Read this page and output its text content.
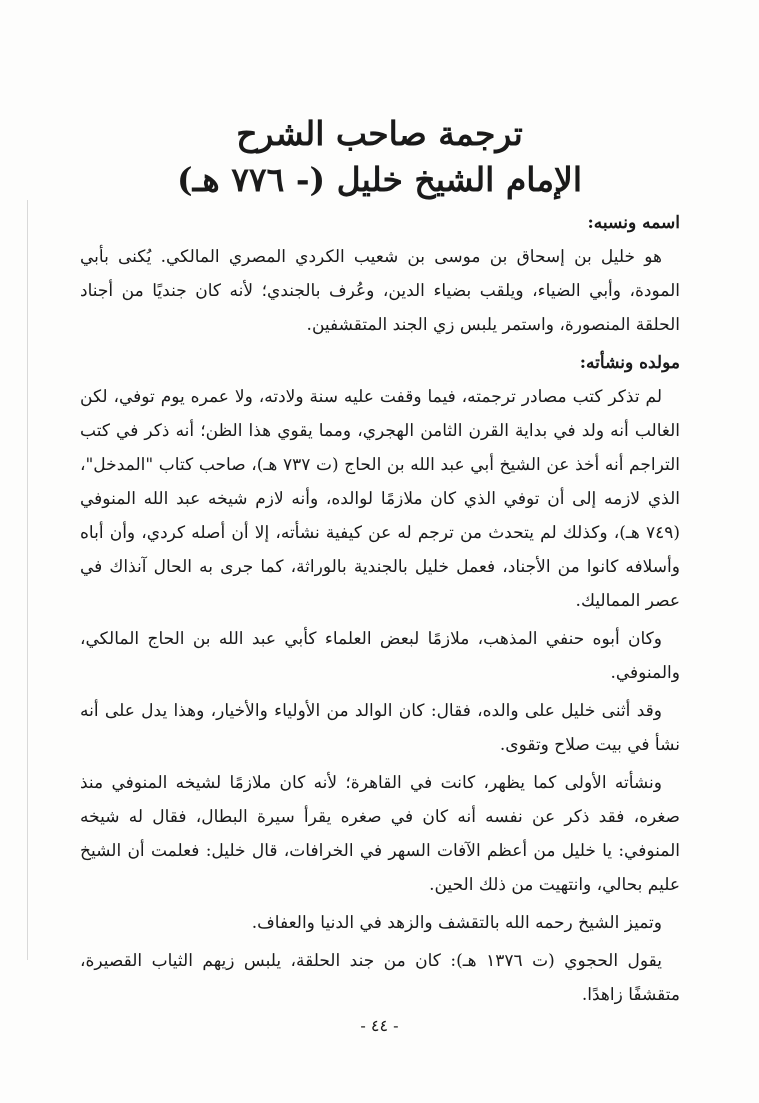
ترجمة صاحب الشرح

الإمام الشيخ خليل (- ٧٧٦ هـ)

اسمه ونسبه:

هو خليل بن إسحاق بن موسى بن شعيب الكردي المصري المالكي. يُكنى بأبي المودة، وأبي الضياء، ويلقب بضياء الدين، وعُرف بالجندي؛ لأنه كان جنديًا من أجناد الحلقة المنصورة، واستمر يلبس زي الجند المتقشفين.

مولده ونشأته:

لم تذكر كتب مصادر ترجمته، فيما وقفت عليه سنة ولادته، ولا عمره يوم توفي، لكن الغالب أنه ولد في بداية القرن الثامن الهجري، ومما يقوي هذا الظن؛ أنه ذكر في كتب التراجم أنه أخذ عن الشيخ أبي عبد الله بن الحاج (ت ٧٣٧ هـ)، صاحب كتاب "المدخل"، الذي لازمه إلى أن توفي الذي كان ملازمًا لوالده، وأنه لازم شيخه عبد الله المنوفي (٧٤٩ هـ)، وكذلك لم يتحدث من ترجم له عن كيفية نشأته، إلا أن أصله كردي، وأن أباه وأسلافه كانوا من الأجناد، فعمل خليل بالجندية بالوراثة، كما جرى به الحال آنذاك في عصر المماليك.

وكان أبوه حنفي المذهب، ملازمًا لبعض العلماء كأبي عبد الله بن الحاج المالكي، والمنوفي.

وقد أثنى خليل على والده، فقال: كان الوالد من الأولياء والأخيار، وهذا يدل على أنه نشأ في بيت صلاح وتقوى.

ونشأته الأولى كما يظهر، كانت في القاهرة؛ لأنه كان ملازمًا لشيخه المنوفي منذ صغره، فقد ذكر عن نفسه أنه كان في صغره يقرأ سيرة البطال، فقال له شيخه المنوفي: يا خليل من أعظم الآفات السهر في الخرافات، قال خليل: فعلمت أن الشيخ عليم بحالي، وانتهيت من ذلك الحين.

وتميز الشيخ رحمه الله بالتقشف والزهد في الدنيا والعفاف.

يقول الحجوي (ت ١٣٧٦ هـ): كان من جند الحلقة، يلبس زيهم الثياب القصيرة، متقشفًا زاهدًا.

- ٤٤ -
